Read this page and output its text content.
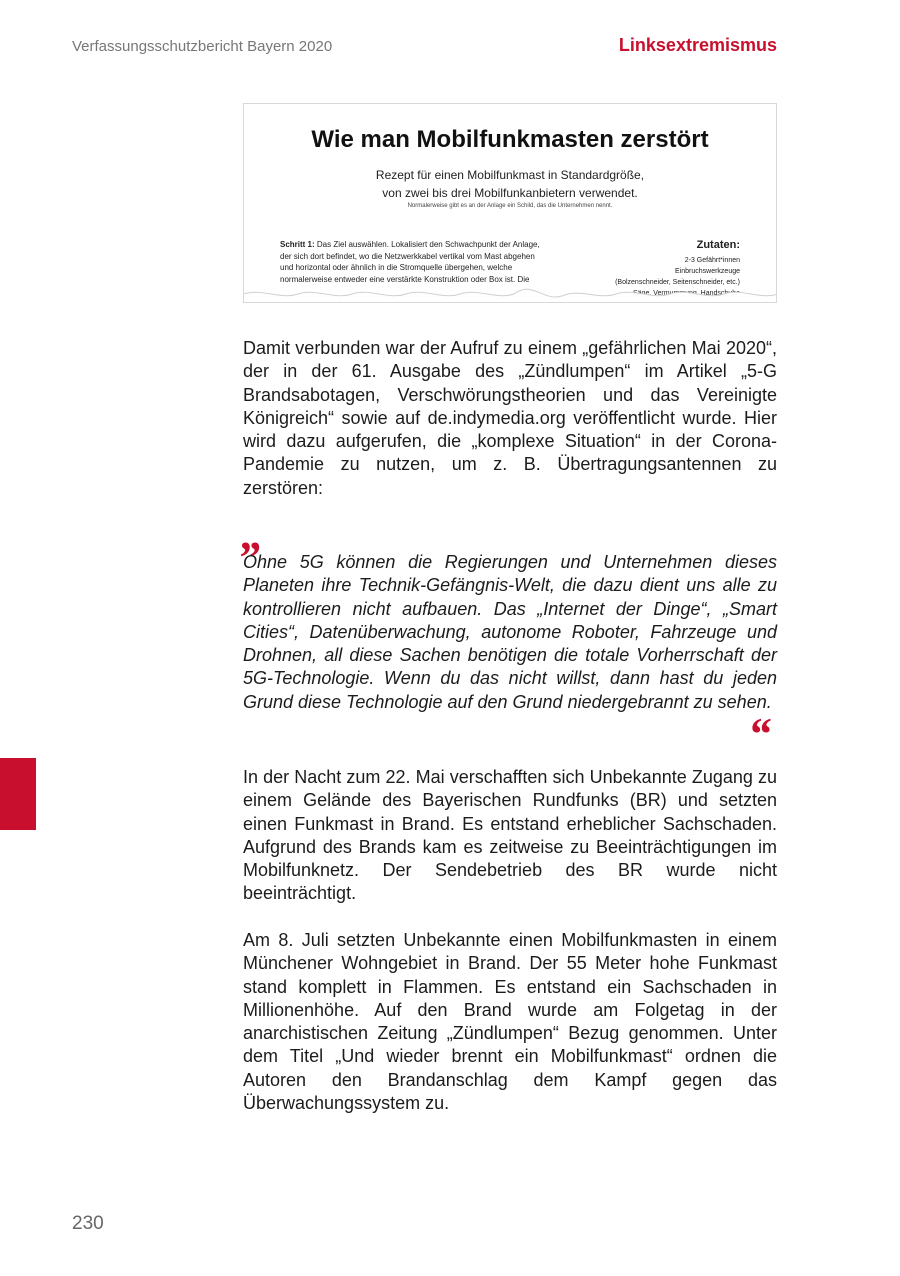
Verfassungsschutzbericht Bayern 2020	Linksextremismus
Wie man Mobilfunkmasten zerstört
Rezept für einen Mobilfunkmast in Standardgröße,
von zwei bis drei Mobilfunkanbietern verwendet.
Normalerweise gibt es an der Anlage ein Schild, das die Unternehmen nennt.
Schritt 1: Das Ziel auswählen. Lokalisiert den Schwachpunkt der Anlage, der sich dort befindet, wo die Netzwerkkabel vertikal vom Mast abgehen und horizontal oder ähnlich in die Stromquelle übergehen, welche normalerweise entweder eine verstärkte Konstruktion oder Box ist. Die
Zutaten:
2-3 Gefährt*innen
Einbruchswerkzeuge
(Bolzenschneider, Seitenschneider, etc.)
Damit verbunden war der Aufruf zu einem „gefährlichen Mai 2020“, der in der 61. Ausgabe des „Zündlumpen“ im Artikel „5-G Brandsabotagen, Verschwörungstheorien und das Vereinigte Königreich“ sowie auf de.indymedia.org veröffentlicht wurde. Hier wird dazu aufgerufen, die „komplexe Situation“ in der Corona-Pandemie zu nutzen, um z. B. Übertragungsantennen zu zerstören:
„
Ohne 5G können die Regierungen und Unternehmen dieses Planeten ihre Technik-Gefängnis-Welt, die dazu dient uns alle zu kontrollieren nicht aufbauen. Das „Internet der Dinge“, „Smart Cities“, Datenüberwachung, autonome Roboter, Fahrzeuge und Drohnen, all diese Sachen benötigen die totale Vorherrschaft der 5G-Technologie. Wenn du das nicht willst, dann hast du jeden Grund diese Technologie auf den Grund niedergebrannt zu sehen.
“
In der Nacht zum 22. Mai verschafften sich Unbekannte Zugang zu einem Gelände des Bayerischen Rundfunks (BR) und setzten einen Funkmast in Brand. Es entstand erheblicher Sachschaden. Aufgrund des Brands kam es zeitweise zu Beeinträchtigungen im Mobilfunknetz. Der Sendebetrieb des BR wurde nicht beeinträchtigt.
Am 8. Juli setzten Unbekannte einen Mobilfunkmasten in einem Münchener Wohngebiet in Brand. Der 55 Meter hohe Funkmast stand komplett in Flammen. Es entstand ein Sachschaden in Millionenhöhe. Auf den Brand wurde am Folgetag in der anarchistischen Zeitung „Zündlumpen“ Bezug genommen. Unter dem Titel „Und wieder brennt ein Mobilfunkmast“ ordnen die Autoren den Brandanschlag dem Kampf gegen das Überwachungssystem zu.
230
